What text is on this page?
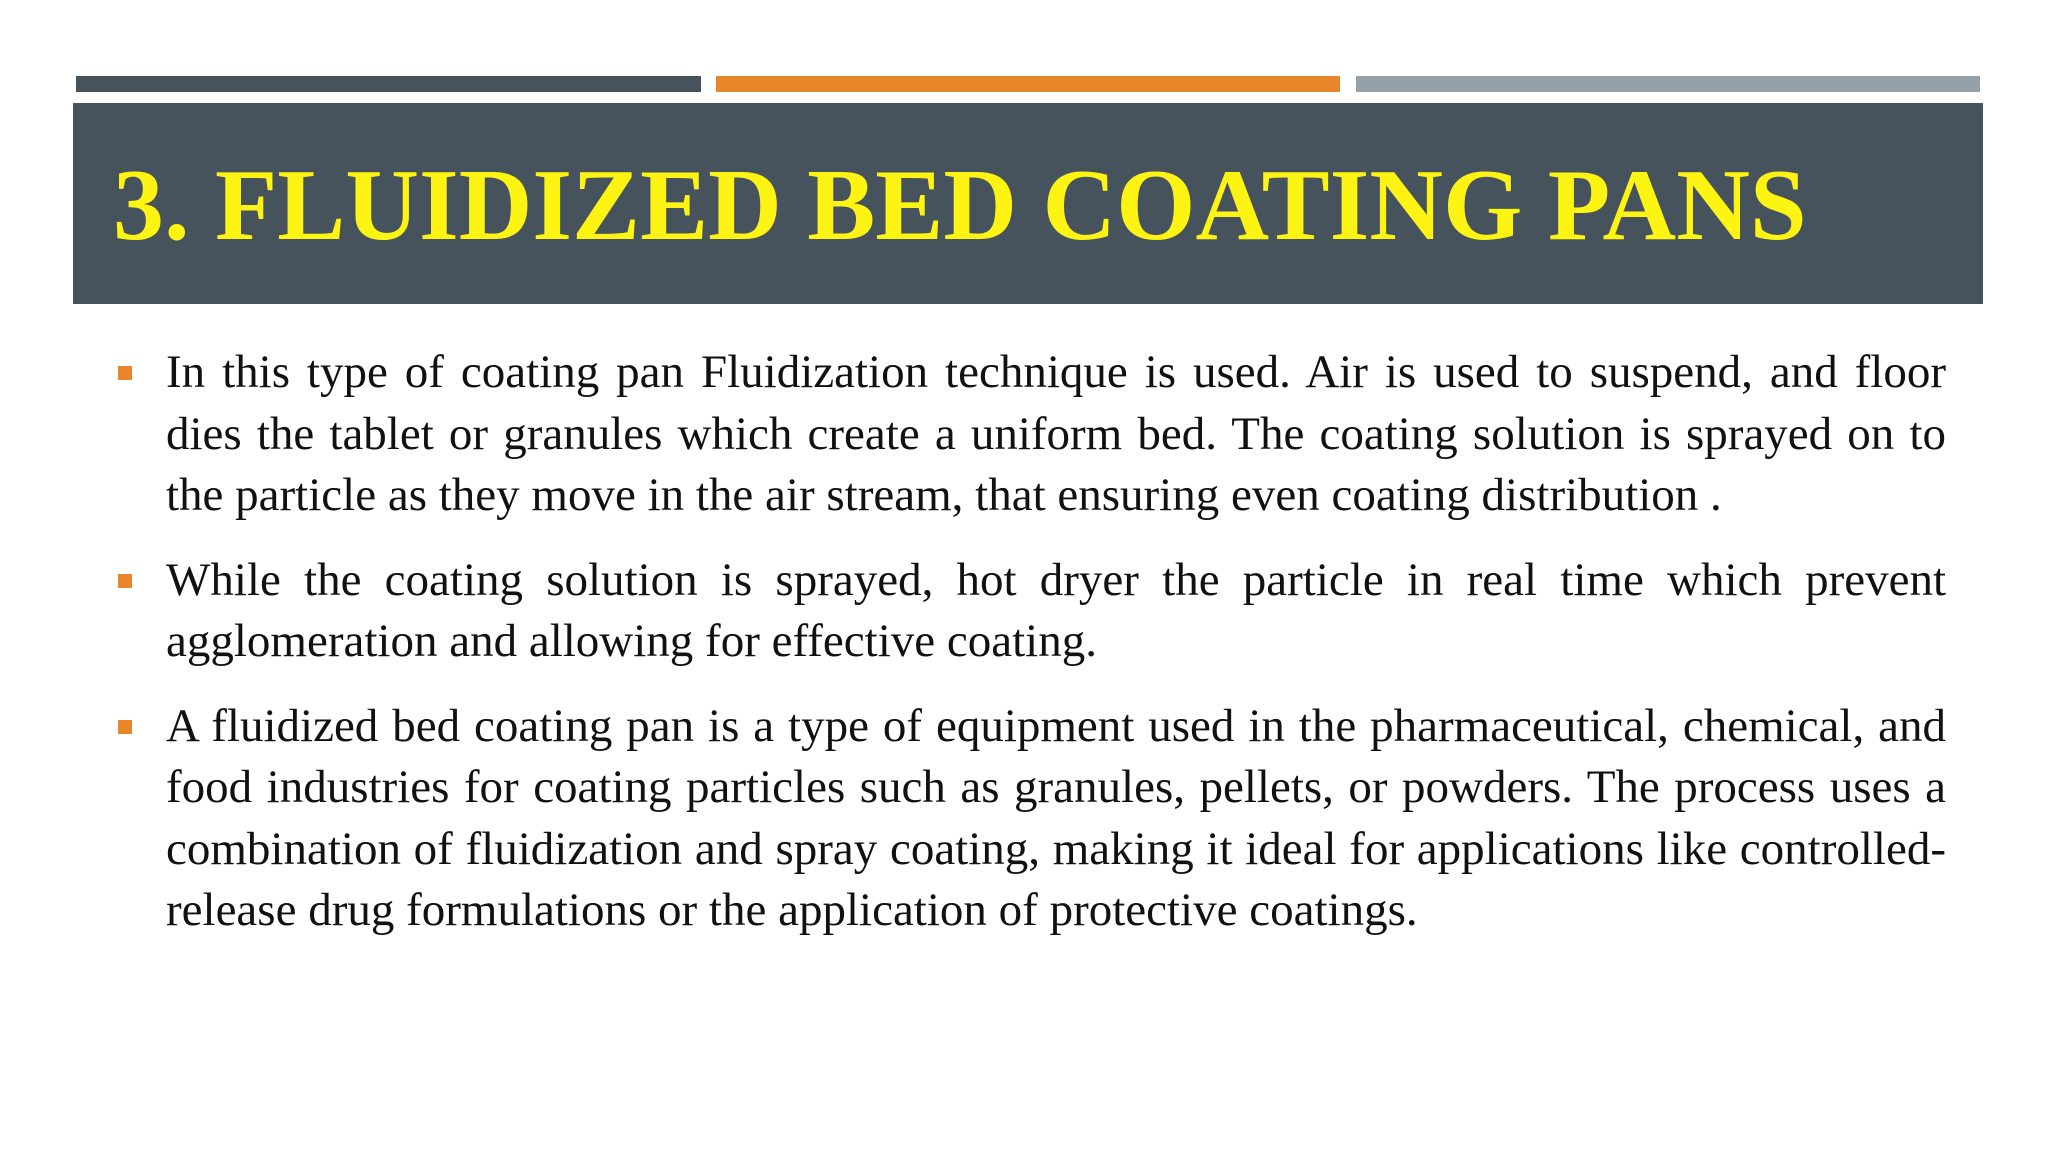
3. FLUIDIZED BED COATING PANS
In this type of coating pan Fluidization technique is used. Air is used to suspend, and floor dies the tablet or granules which create a uniform bed. The coating solution is sprayed on to the particle as they move in the air stream, that ensuring even coating distribution .
While the coating solution is sprayed, hot dryer the particle in real time which prevent agglomeration and allowing for effective coating.
A fluidized bed coating pan is a type of equipment used in the pharmaceutical, chemical, and food industries for coating particles such as granules, pellets, or powders. The process uses a combination of fluidization and spray coating, making it ideal for applications like controlled-release drug formulations or the application of protective coatings.
